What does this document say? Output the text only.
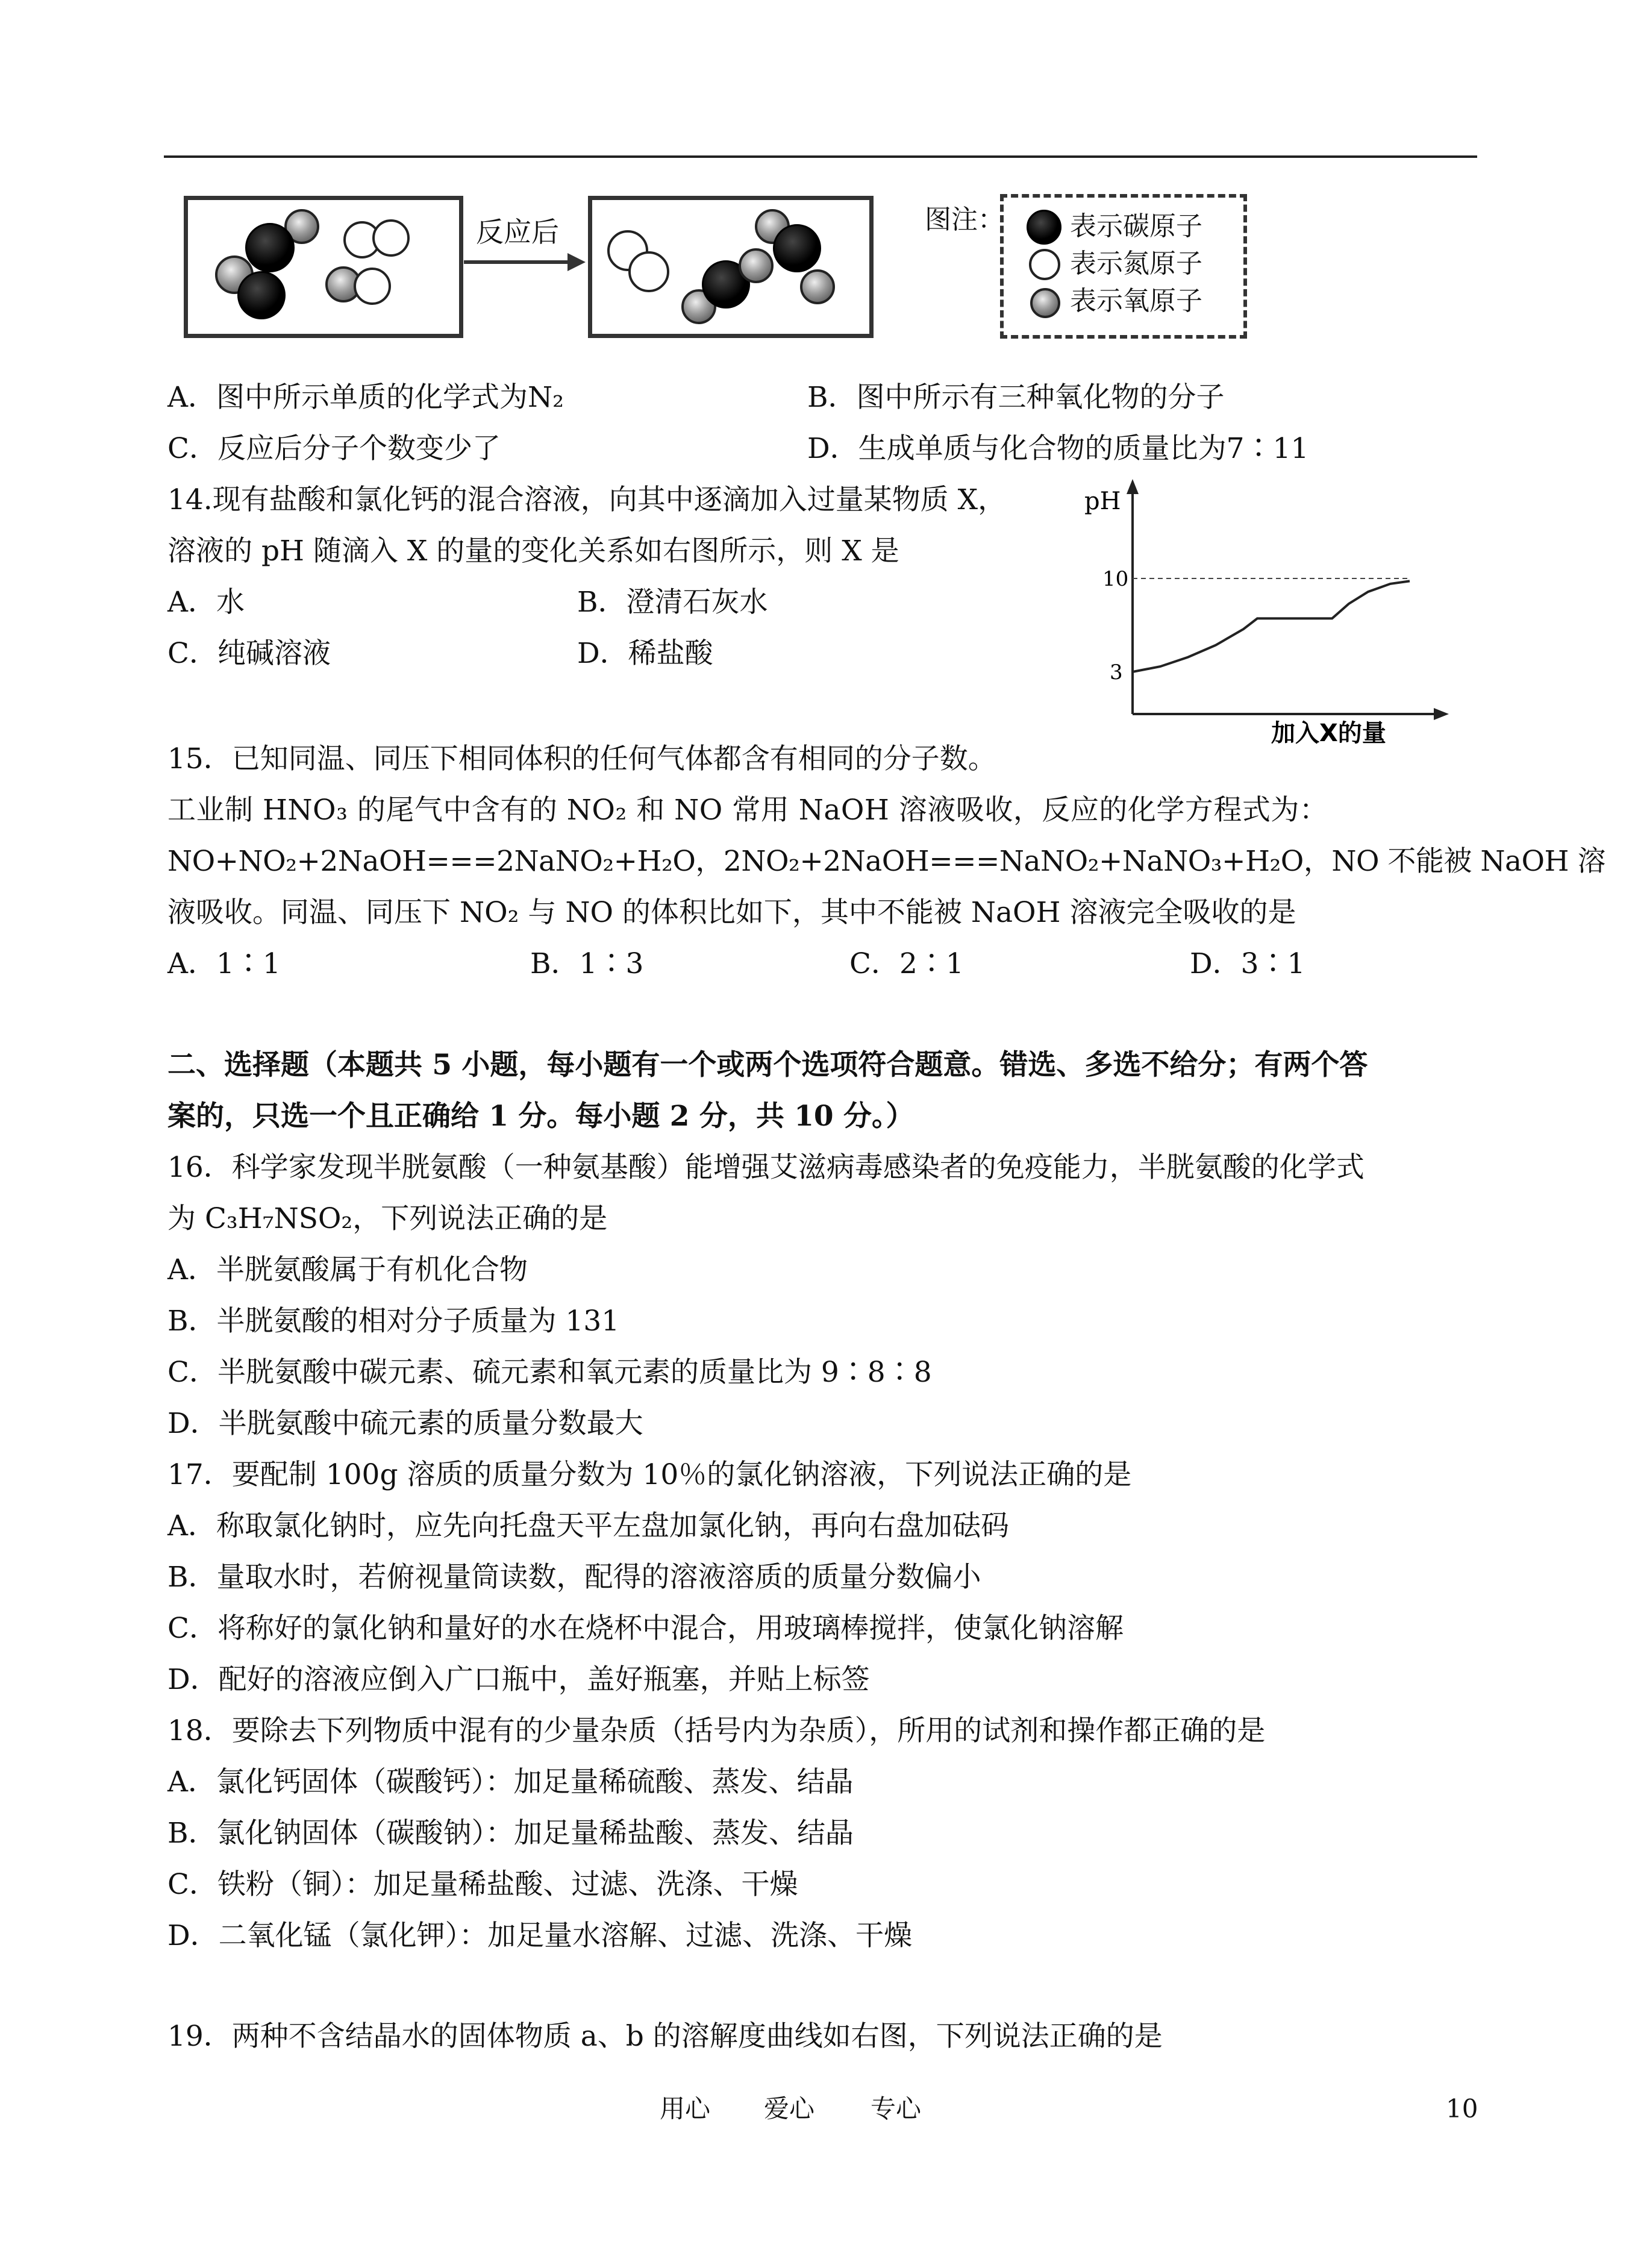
反应后	图注： 表示碳原子
表示氮原子
表示氧原子
A．图中所示单质的化学式为N₂	B．图中所示有三种氧化物的分子
C．反应后分子个数变少了	D．生成单质与化合物的质量比为7∶11
14.现有盐酸和氯化钙的混合溶液，向其中逐滴加入过量某物质 X，
溶液的 pH 随滴入 X 的量的变化关系如右图所示，则 X 是
A．水	B．澄清石灰水
C．纯碱溶液	D．稀盐酸
pH
加入X的量
10
3
15．已知同温、同压下相同体积的任何气体都含有相同的分子数。
工业制 HNO₃ 的尾气中含有的 NO₂ 和 NO 常用 NaOH 溶液吸收，反应的化学方程式为：
NO+NO₂+2NaOH===2NaNO₂+H₂O，2NO₂+2NaOH===NaNO₂+NaNO₃+H₂O，NO 不能被 NaOH 溶
液吸收。同温、同压下 NO₂ 与 NO 的体积比如下，其中不能被 NaOH 溶液完全吸收的是
A．1∶1	B．1∶3	C．2∶1	D．3∶1
二、选择题（本题共 5 小题，每小题有一个或两个选项符合题意。错选、多选不给分；有两个答
案的，只选一个且正确给 1 分。每小题 2 分，共 10 分。）
16．科学家发现半胱氨酸（一种氨基酸）能增强艾滋病毒感染者的免疫能力，半胱氨酸的化学式
为 C₃H₇NSO₂，下列说法正确的是
A．半胱氨酸属于有机化合物
B．半胱氨酸的相对分子质量为 131
C．半胱氨酸中碳元素、硫元素和氧元素的质量比为 9∶8∶8
D．半胱氨酸中硫元素的质量分数最大
17．要配制 100g 溶质的质量分数为 10％的氯化钠溶液，下列说法正确的是
A．称取氯化钠时，应先向托盘天平左盘加氯化钠，再向右盘加砝码
B．量取水时，若俯视量筒读数，配得的溶液溶质的质量分数偏小
C．将称好的氯化钠和量好的水在烧杯中混合，用玻璃棒搅拌，使氯化钠溶解
D．配好的溶液应倒入广口瓶中，盖好瓶塞，并贴上标签
18．要除去下列物质中混有的少量杂质（括号内为杂质），所用的试剂和操作都正确的是
A．氯化钙固体（碳酸钙）：加足量稀硫酸、蒸发、结晶
B．氯化钠固体（碳酸钠）：加足量稀盐酸、蒸发、结晶
C．铁粉（铜）：加足量稀盐酸、过滤、洗涤、干燥
D．二氧化锰（氯化钾）：加足量水溶解、过滤、洗涤、干燥
19．两种不含结晶水的固体物质 a、b 的溶解度曲线如右图，下列说法正确的是
用心 爱心 专心	10
